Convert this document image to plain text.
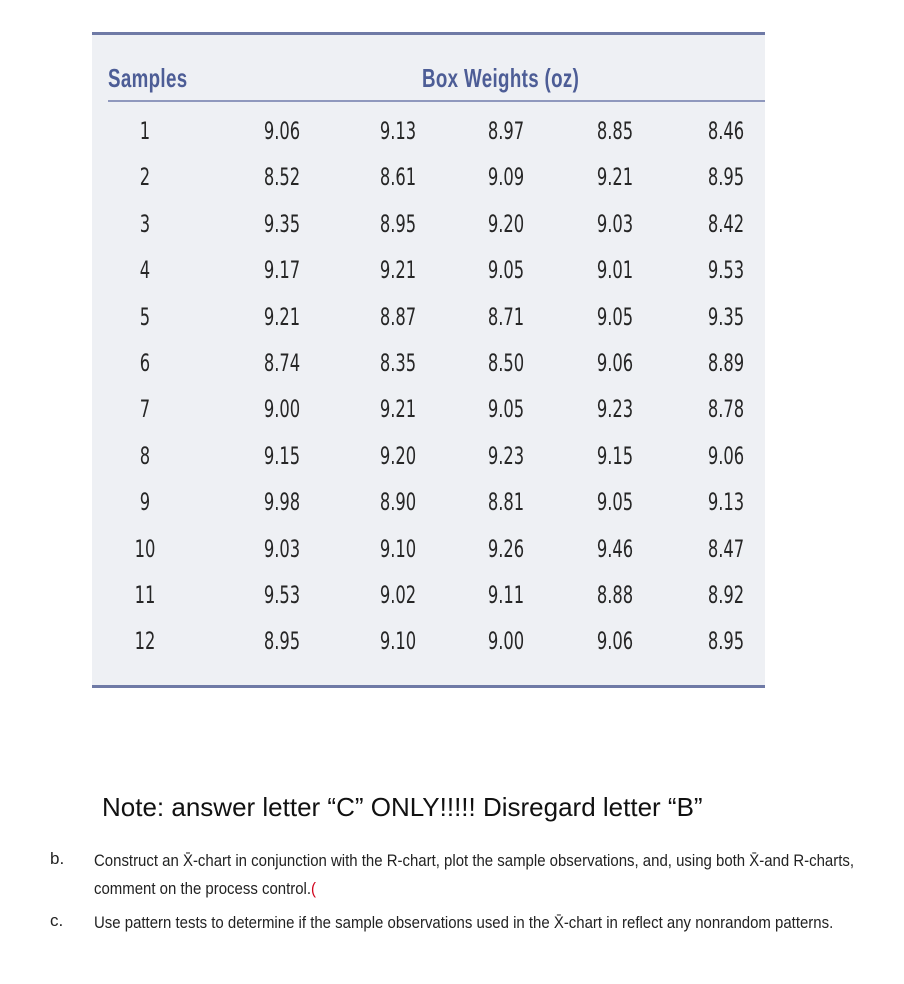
Samples	Box Weights (oz)
1	9.06	9.13	8.97	8.85	8.46
2	8.52	8.61	9.09	9.21	8.95
3	9.35	8.95	9.20	9.03	8.42
4	9.17	9.21	9.05	9.01	9.53
5	9.21	8.87	8.71	9.05	9.35
6	8.74	8.35	8.50	9.06	8.89
7	9.00	9.21	9.05	9.23	8.78
8	9.15	9.20	9.23	9.15	9.06
9	9.98	8.90	8.81	9.05	9.13
10	9.03	9.10	9.26	9.46	8.47
11	9.53	9.02	9.11	8.88	8.92
12	8.95	9.10	9.00	9.06	8.95
Note: answer letter “C” ONLY!!!!! Disregard letter “B”
b. Construct an X̄-chart in conjunction with the R-chart, plot the sample observations, and, using both X̄-and R-charts, comment on the process control.(
c. Use pattern tests to determine if the sample observations used in the X̄-chart in reflect any nonrandom patterns.
